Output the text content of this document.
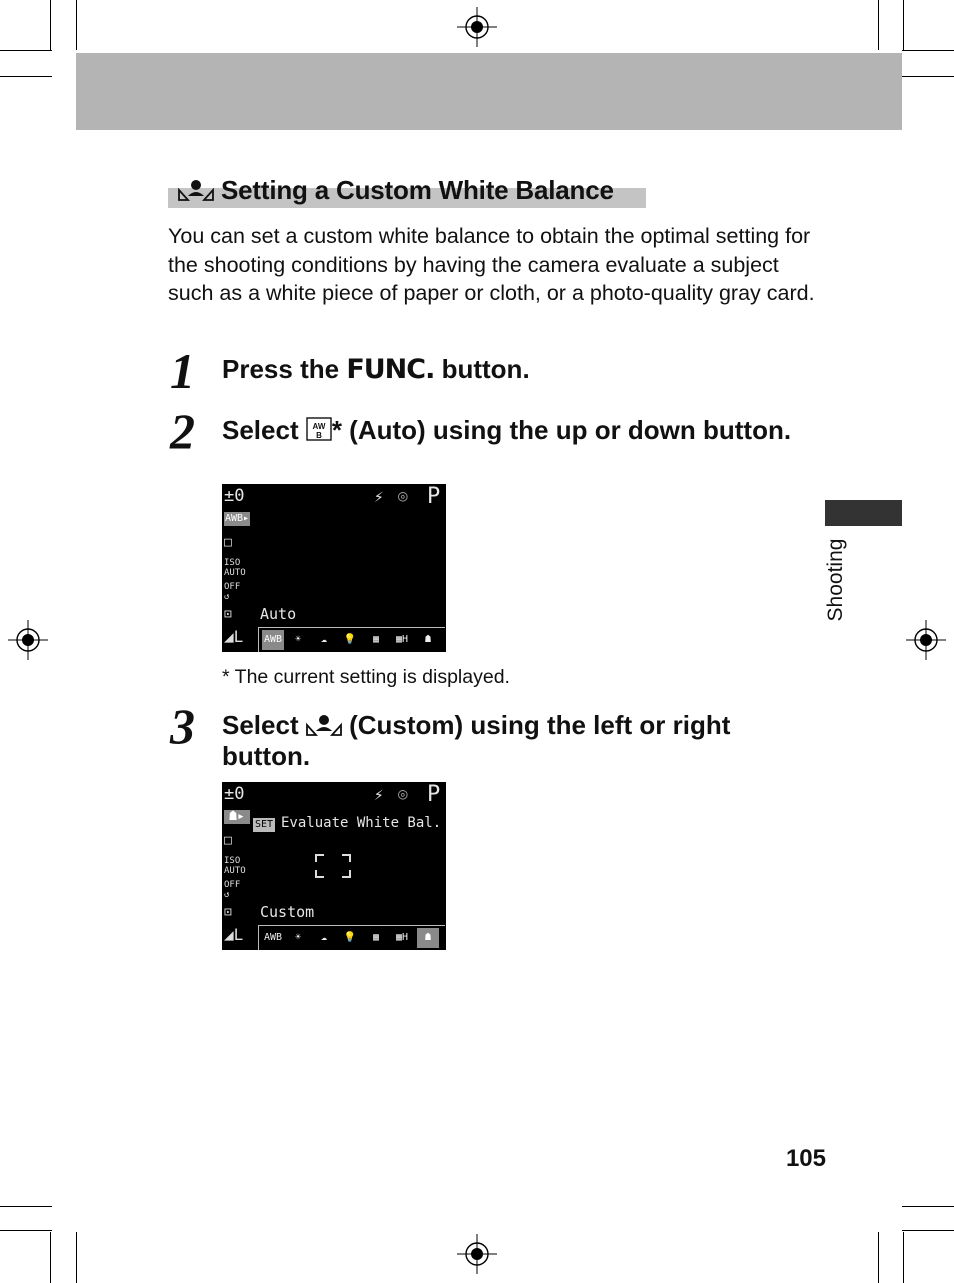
Setting a Custom White Balance
You can set a custom white balance to obtain the optimal setting for the shooting conditions by having the camera evaluate a subject such as a white piece of paper or cloth, or a photo-quality gray card.
1 Press the FUNC. button.
2 Select AW
B * (Auto) using the up or down button.
±0	⚡ ◎ P
AWB▸
□
ISO
AUTO
OFF
↺
⊡
◢L
Auto
AWB	☀	☁	💡	▦	▦H	☗
* The current setting is displayed.
3 Select (Custom) using the left or right button.
±0	⚡ ◎ P
☗▸
□
ISO
AUTO
OFF
↺
⊡
◢L
SET Evaluate White Bal.
Custom
AWB	☀	☁	💡	▦	▦H	☗
Shooting
105
